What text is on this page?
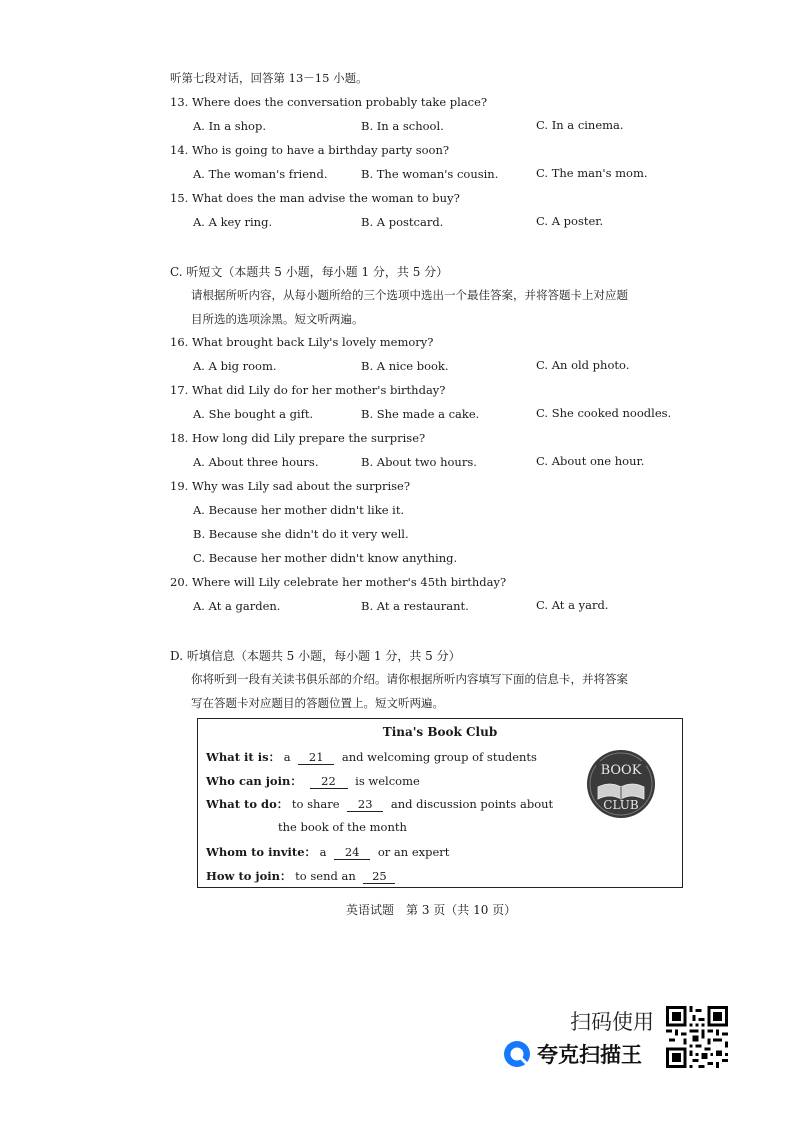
听第七段对话，回答第 13－15 小题。
13. Where does the conversation probably take place?
A. In a shop.	B. In a school.	C. In a cinema.
14. Who is going to have a birthday party soon?
A. The woman's friend.	B. The woman's cousin.	C. The man's mom.
15. What does the man advise the woman to buy?
A. A key ring.	B. A postcard.	C. A poster.
C. 听短文（本题共 5 小题，每小题 1 分，共 5 分）
请根据所听内容，从每小题所给的三个选项中选出一个最佳答案，并将答题卡上对应题
目所选的选项涂黑。短文听两遍。
16. What brought back Lily's lovely memory?
A. A big room.	B. A nice book.	C. An old photo.
17. What did Lily do for her mother's birthday?
A. She bought a gift.	B. She made a cake.	C. She cooked noodles.
18. How long did Lily prepare the surprise?
A. About three hours.	B. About two hours.	C. About one hour.
19. Why was Lily sad about the surprise?
A. Because her mother didn't like it.
B. Because she didn't do it very well.
C. Because her mother didn't know anything.
20. Where will Lily celebrate her mother's 45th birthday?
A. At a garden.	B. At a restaurant.	C. At a yard.
D. 听填信息（本题共 5 小题，每小题 1 分，共 5 分）
你将听到一段有关读书俱乐部的介绍。请你根据所听内容填写下面的信息卡，并将答案
写在答题卡对应题目的答题位置上。短文听两遍。
Tina's Book Club
What it is： a 21 and welcoming group of students
Who can join： 22 is welcome
What to do： to share 23 and discussion points about
the book of the month
Whom to invite： a 24 or an expert
How to join： to send an 25
BOOK
CLUB
英语试题　第 3 页（共 10 页）
扫码使用
夸克扫描王
